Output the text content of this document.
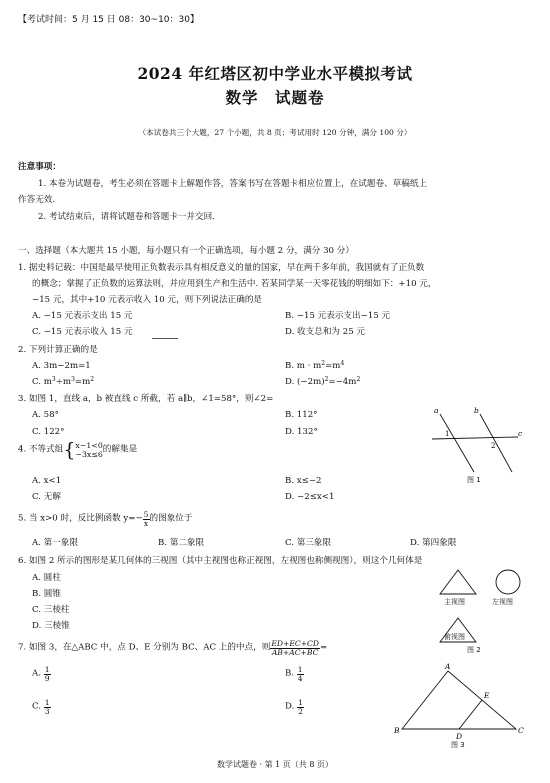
【考试时间：5 月 15 日 08：30~10：30】
2024 年红塔区初中学业水平模拟考试
数学　试题卷
（本试卷共三个大题，27 个小题，共 8 页；考试用时 120 分钟，满分 100 分）
注意事项：
1. 本卷为试题卷，考生必须在答题卡上解题作答，答案书写在答题卡相应位置上，在试题卷、草稿纸上
作答无效.
2. 考试结束后，请将试题卷和答题卡一并交回.
一、选择题（本大题共 15 小题，每小题只有一个正确选项，每小题 2 分，满分 30 分）
1. 据史料记载：中国是最早使用正负数表示具有相反意义的量的国家，早在两千多年前，我国就有了正负数
的概念；掌握了正负数的运算法则，并应用到生产和生活中. 若某同学某一天零花钱的明细如下：+10 元，
−15 元，其中+10 元表示收入 10 元，则下列说法正确的是
A. −15 元表示支出 15 元	B. −15 元表示支出−15 元
C. −15 元表示收入 15 元	D. 收支总和为 25 元
2. 下列计算正确的是
A. 3m−2m=1	B. $m \cdot m^2=m^4$
C. $m^3\div m^3=m^2$	D. $(-2m)^2=-4m^2$
3. 如图 1，直线 a，b 被直线 c 所截，若 a∥b，∠1=58°，则∠2=
A. 58°	B. 112°
C. 122°	D. 132°
a	b
c
1
2
图 1
4. 不等式组{ x−1<0
−3x≤6 的解集是
A. x<1	B. x≤−2
C. 无解	D. −2≤x<1
5. 当 x>0 时，反比例函数 $y=- \frac{5}{x}$ 的图象位于
A. 第一象限	B. 第二象限	C. 第三象限	D. 第四象限
6. 如图 2 所示的图形是某几何体的三视图（其中主视图也称正视图，左视图也称侧视图），则这个几何体是
A. 圆柱
B. 圆锥
C. 三棱柱
D. 三棱锥
主视图	左视图
俯视图
图 2
7. 如图 3，在△ABC 中，点 D、E 分别为 BC、AC 上的中点，则 $\frac{ED+EC+CD}{AB+AC+BC}$ =
A. $\frac{1}{9}$	B. $\frac{1}{4}$
C. $\frac{1}{3}$	D. $\frac{1}{2}$
A
B	C
D
E
图 3
数学试题卷 · 第 1 页（共 8 页）
